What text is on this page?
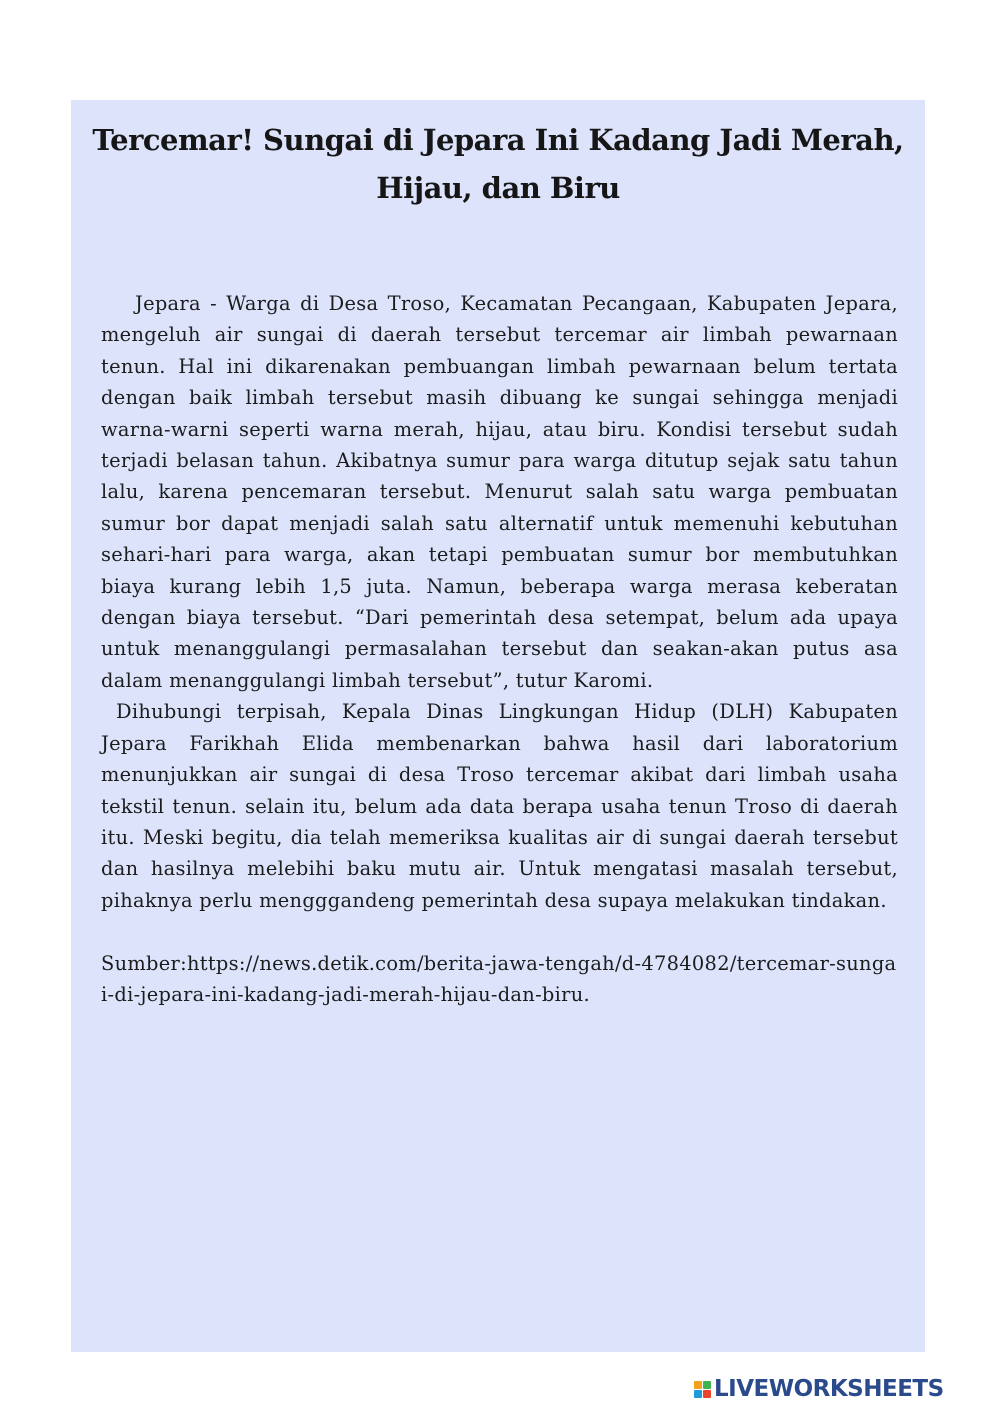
Tercemar! Sungai di Jepara Ini Kadang Jadi Merah, Hijau, dan Biru

Jepara - Warga di Desa Troso, Kecamatan Pecangaan, Kabupaten Jepara, mengeluh air sungai di daerah tersebut tercemar air limbah pewarnaan tenun. Hal ini dikarenakan pembuangan limbah pewarnaan belum tertata dengan baik limbah tersebut masih dibuang ke sungai sehingga menjadi warna-warni seperti warna merah, hijau, atau biru. Kondisi tersebut sudah terjadi belasan tahun. Akibatnya sumur para warga ditutup sejak satu tahun lalu, karena pencemaran tersebut. Menurut salah satu warga pembuatan sumur bor dapat menjadi salah satu alternatif untuk memenuhi kebutuhan sehari-hari para warga, akan tetapi pembuatan sumur bor membutuhkan biaya kurang lebih 1,5 juta. Namun, beberapa warga merasa keberatan dengan biaya tersebut. “Dari pemerintah desa setempat, belum ada upaya untuk menanggulangi permasalahan tersebut dan seakan-akan putus asa dalam menanggulangi limbah tersebut”, tutur Karomi.

Dihubungi terpisah, Kepala Dinas Lingkungan Hidup (DLH) Kabupaten Jepara Farikhah Elida membenarkan bahwa hasil dari laboratorium menunjukkan air sungai di desa Troso tercemar akibat dari limbah usaha tekstil tenun. selain itu, belum ada data berapa usaha tenun Troso di daerah itu. Meski begitu, dia telah memeriksa kualitas air di sungai daerah tersebut dan hasilnya melebihi baku mutu air. Untuk mengatasi masalah tersebut, pihaknya perlu mengggandeng pemerintah desa supaya melakukan tindakan.

Sumber:https://news.detik.com/berita-jawa-tengah/d-4784082/tercemar-sungai-di-jepara-ini-kadang-jadi-merah-hijau-dan-biru.

LIVEWORKSHEETS
